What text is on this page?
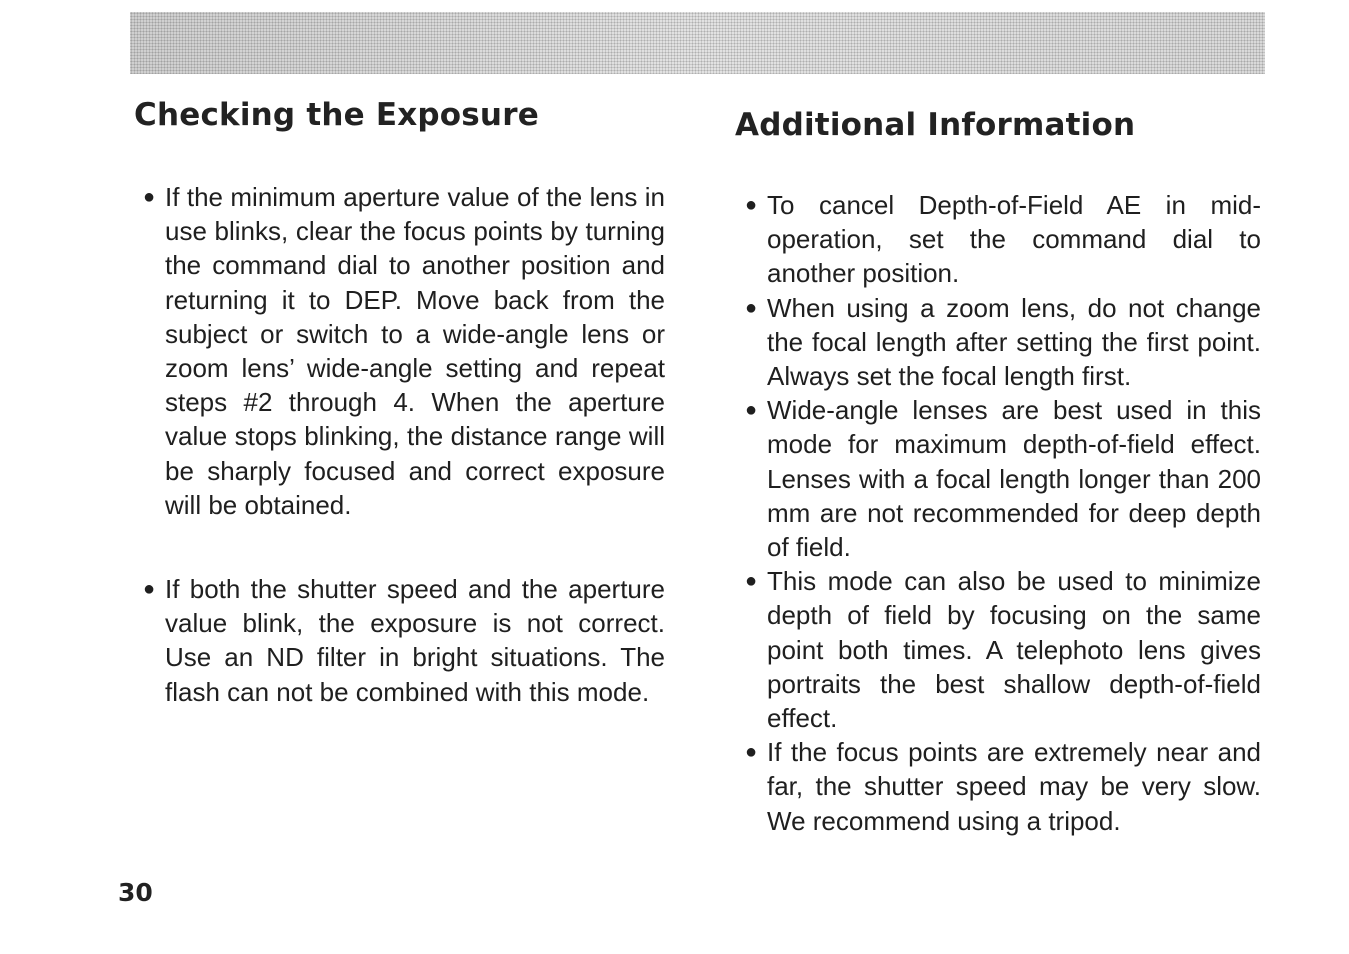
Checking the Exposure
● If the minimum aperture value of the lens in use blinks, clear the focus points by turning the command dial to another position and returning it to DEP. Move back from the subject or switch to a wide-angle lens or zoom lens’ wide-angle setting and repeat steps #2 through 4. When the aperture value stops blinking, the distance range will be sharply focused and correct exposure will be obtained.
● If both the shutter speed and the aperture value blink, the exposure is not correct. Use an ND filter in bright situations. The flash can not be combined with this mode.
Additional Information
● To cancel Depth-of-Field AE in mid-operation, set the command dial to another position.
● When using a zoom lens, do not change the focal length after setting the first point. Always set the focal length first.
● Wide-angle lenses are best used in this mode for maximum depth-of-field effect. Lenses with a focal length longer than 200 mm are not recommended for deep depth of field.
● This mode can also be used to minimize depth of field by focusing on the same point both times. A telephoto lens gives portraits the best shallow depth-of-field effect.
● If the focus points are extremely near and far, the shutter speed may be very slow. We recommend using a tripod.
30
